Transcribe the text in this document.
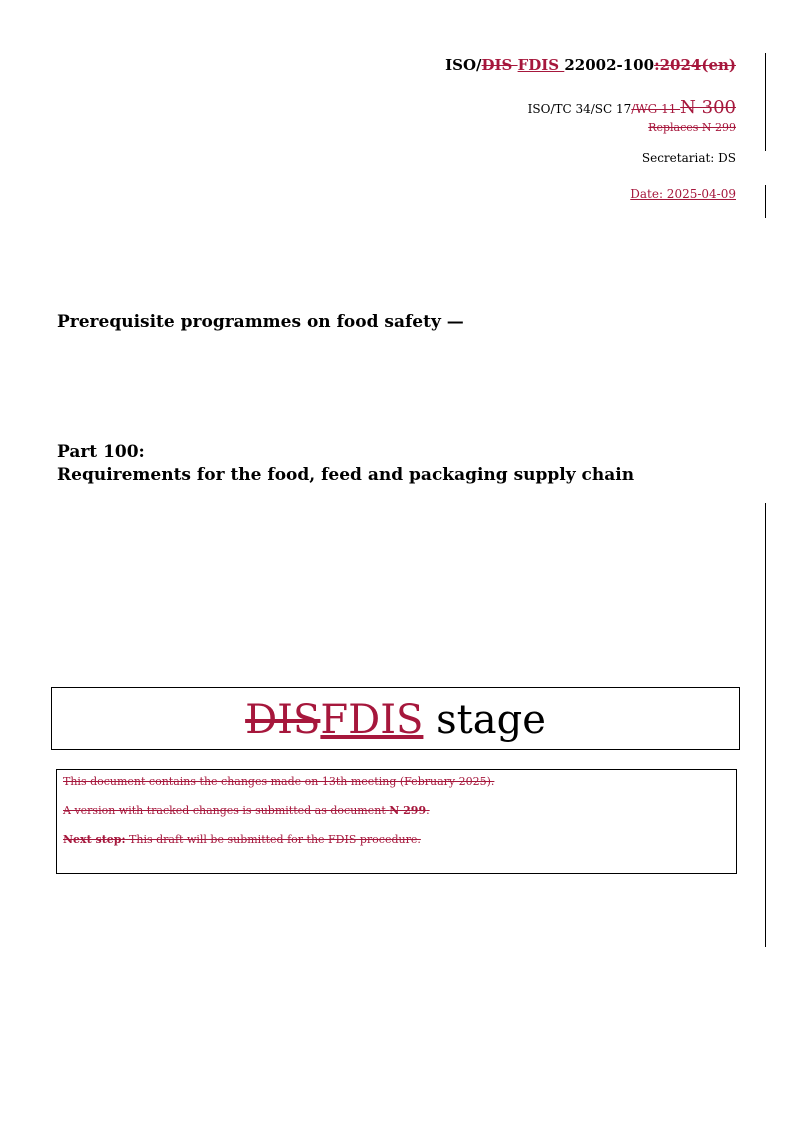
ISO/DIS FDIS 22002-100:2024(en)
ISO/TC 34/SC 17/WG 11 N 300
Replaces N 299
Secretariat: DS
Date: 2025-04-09
Prerequisite programmes on food safety —
Part 100:
Requirements for the food, feed and packaging supply chain
DISFDIS stage

This document contains the changes made on 13th meeting (February 2025).

A version with tracked changes is submitted as document N 299.

Next step: This draft will be submitted for the FDIS procedure.
